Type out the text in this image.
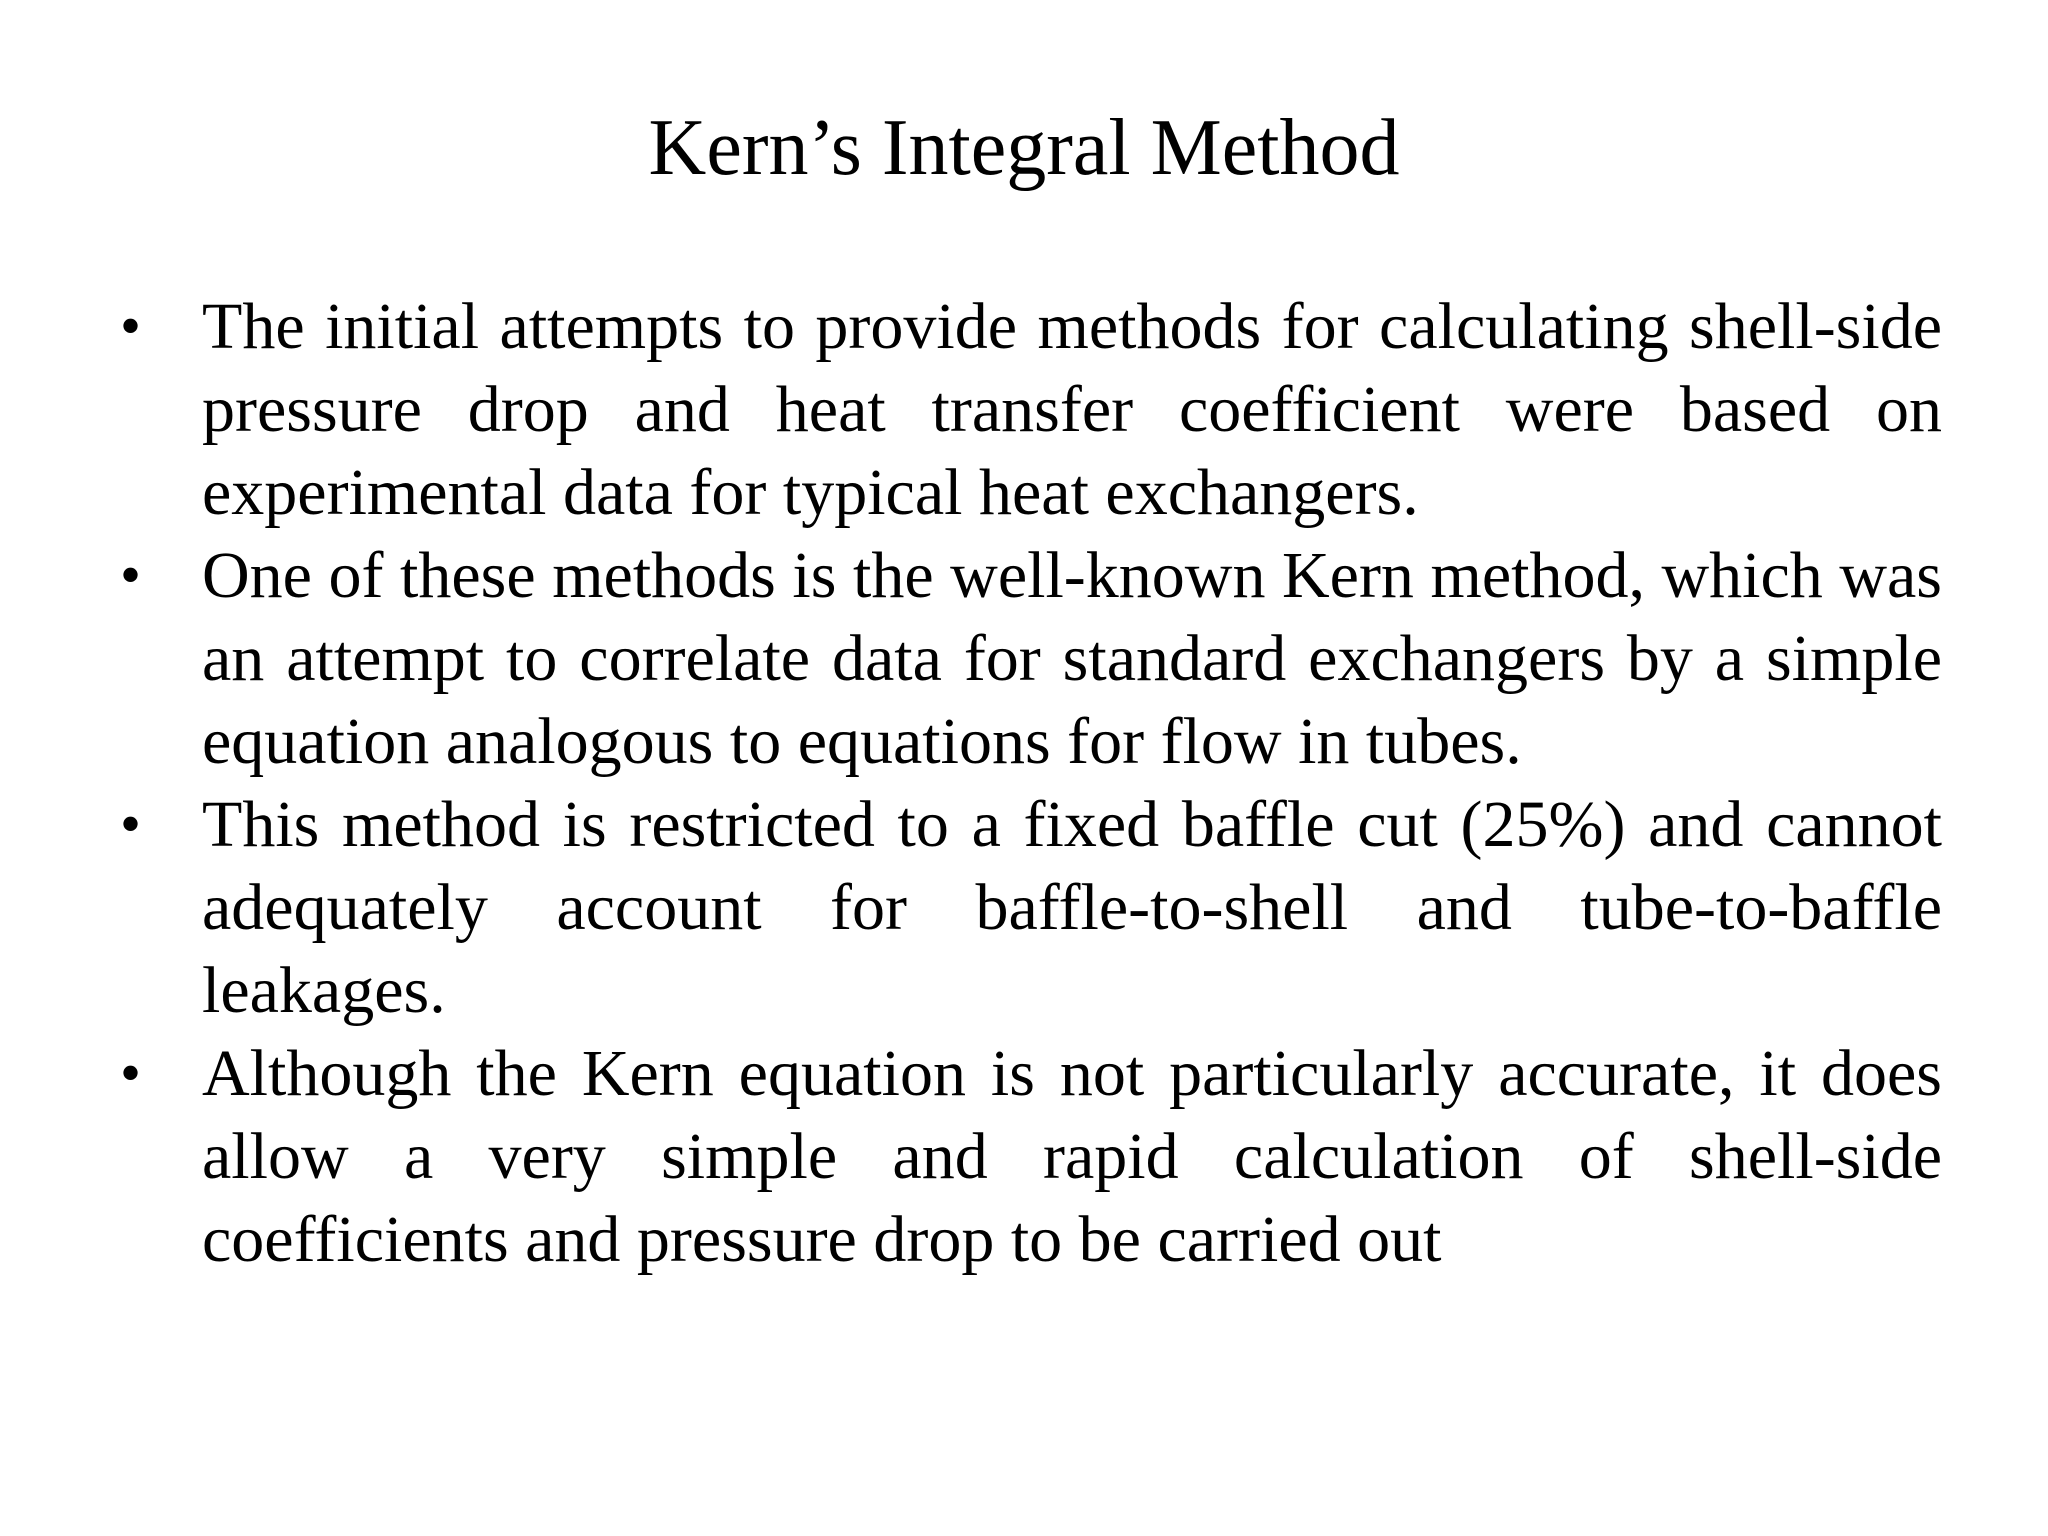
Kern’s Integral Method
• The initial attempts to provide methods for calculating shell-side pressure drop and heat transfer coefficient were based on experimental data for typical heat exchangers.
• One of these methods is the well-known Kern method, which was an attempt to correlate data for standard exchangers by a simple equation analogous to equations for flow in tubes.
• This method is restricted to a fixed baffle cut (25%) and cannot adequately account for baffle-to-shell and tube-to-baffle leakages.
• Although the Kern equation is not particularly accurate, it does allow a very simple and rapid calculation of shell-side coefficients and pressure drop to be carried out
